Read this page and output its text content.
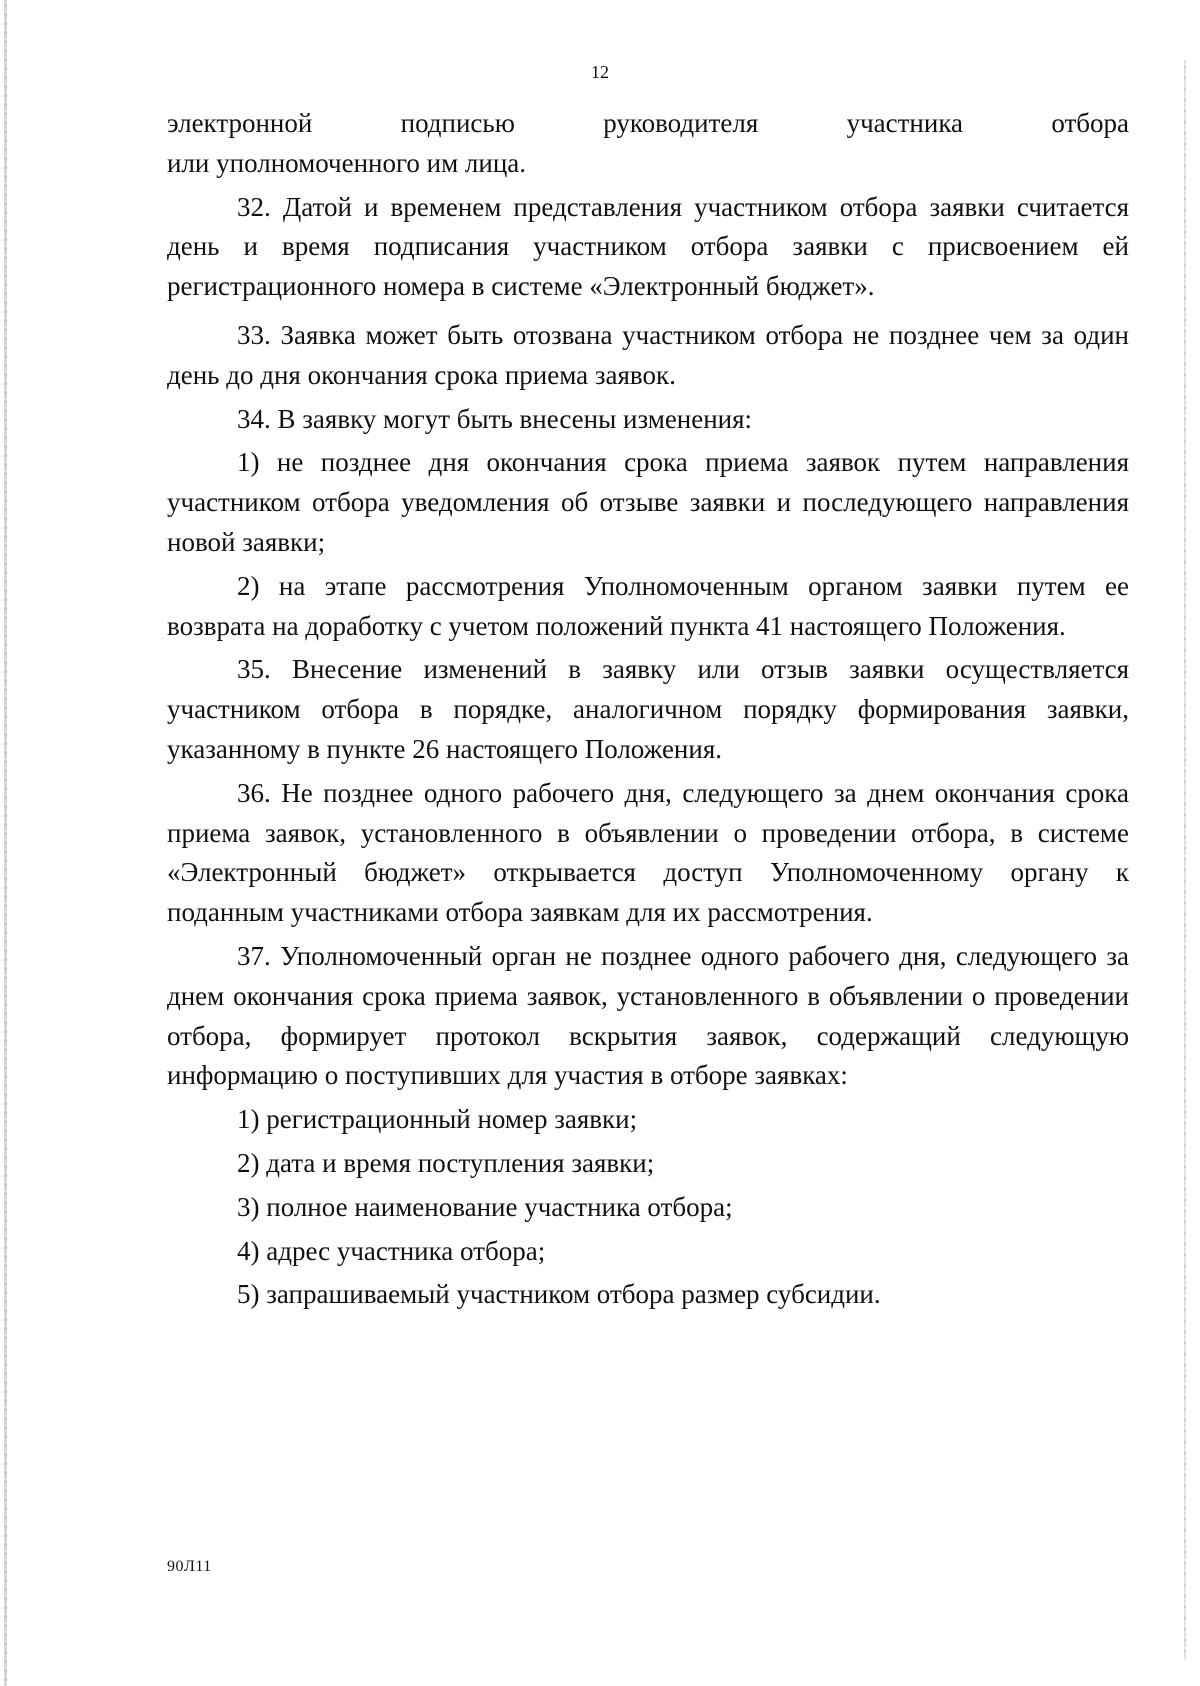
12

электронной подписью руководителя участника отбора

или уполномоченного им лица.

32. Датой и временем представления участником отбора заявки считается день и время подписания участником отбора заявки с присвоением ей регистрационного номера в системе «Электронный бюджет».

33. Заявка может быть отозвана участником отбора не позднее чем за один день до дня окончания срока приема заявок.

34. В заявку могут быть внесены изменения:

1) не позднее дня окончания срока приема заявок путем направления участником отбора уведомления об отзыве заявки и последующего направления новой заявки;

2) на этапе рассмотрения Уполномоченным органом заявки путем ее возврата на доработку с учетом положений пункта 41 настоящего Положения.

35. Внесение изменений в заявку или отзыв заявки осуществляется участником отбора в порядке, аналогичном порядку формирования заявки, указанному в пункте 26 настоящего Положения.

36. Не позднее одного рабочего дня, следующего за днем окончания срока приема заявок, установленного в объявлении о проведении отбора, в системе «Электронный бюджет» открывается доступ Уполномоченному органу к поданным участниками отбора заявкам для их рассмотрения.

37. Уполномоченный орган не позднее одного рабочего дня, следующего за днем окончания срока приема заявок, установленного в объявлении о проведении отбора, формирует протокол вскрытия заявок, содержащий следующую информацию о поступивших для участия в отборе заявках:

1) регистрационный номер заявки;

2) дата и время поступления заявки;

3) полное наименование участника отбора;

4) адрес участника отбора;

5) запрашиваемый участником отбора размер субсидии.

90Л11
